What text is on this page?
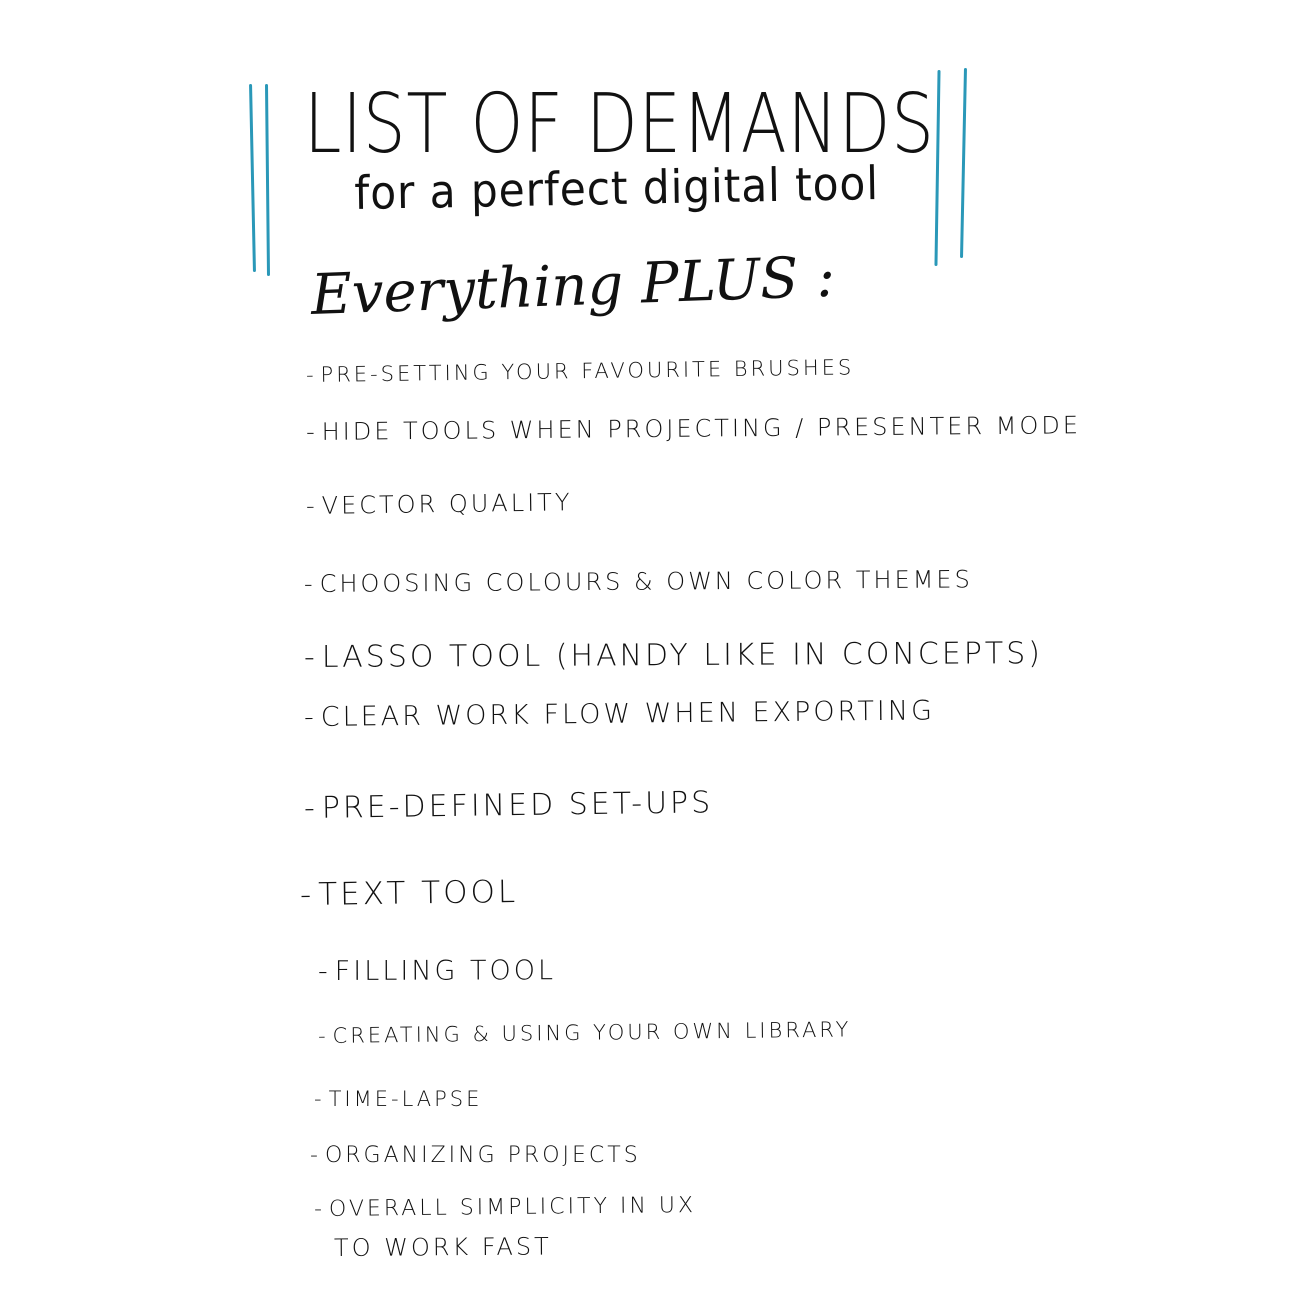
LIST OF DEMANDS
for a perfect digital tool
Everything PLUS :
- PRE-SETTING YOUR FAVOURITE BRUSHES
- HIDE TOOLS WHEN PROJECTING / PRESENTER MODE
- VECTOR QUALITY
- CHOOSING COLOURS & OWN COLOR THEMES
- LASSO TOOL (HANDY LIKE IN CONCEPTS)
- CLEAR WORK FLOW WHEN EXPORTING
- PRE-DEFINED SET-UPS
- TEXT TOOL
- FILLING TOOL
- CREATING & USING YOUR OWN LIBRARY
- TIME-LAPSE
- ORGANIZING PROJECTS
- OVERALL SIMPLICITY IN UX
TO WORK FAST
